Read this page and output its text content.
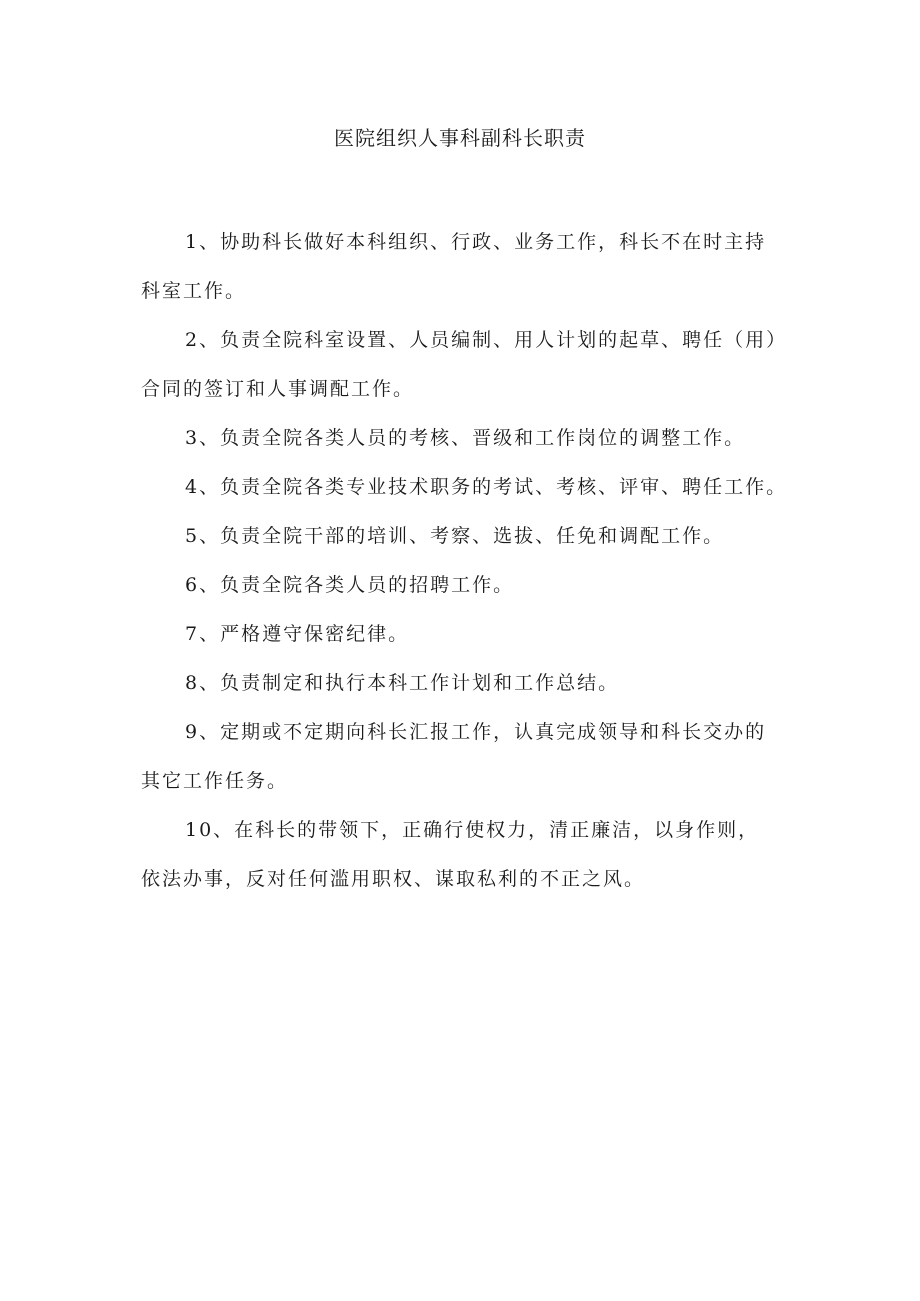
医院组织人事科副科长职责
1、协助科长做好本科组织、行政、业务工作，科长不在时主持
科室工作。
2、负责全院科室设置、人员编制、用人计划的起草、聘任（用）
合同的签订和人事调配工作。
3、负责全院各类人员的考核、晋级和工作岗位的调整工作。
4、负责全院各类专业技术职务的考试、考核、评审、聘任工作。
5、负责全院干部的培训、考察、选拔、任免和调配工作。
6、负责全院各类人员的招聘工作。
7、严格遵守保密纪律。
8、负责制定和执行本科工作计划和工作总结。
9、定期或不定期向科长汇报工作，认真完成领导和科长交办的
其它工作任务。
10、在科长的带领下，正确行使权力，清正廉洁，以身作则，
依法办事，反对任何滥用职权、谋取私利的不正之风。
